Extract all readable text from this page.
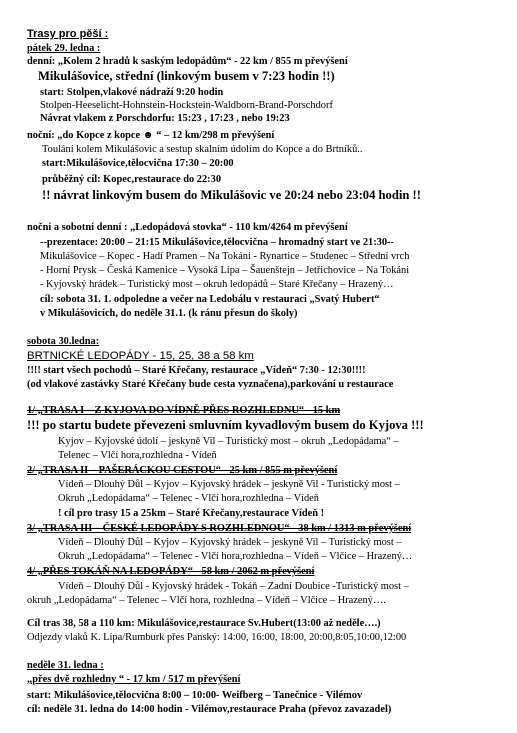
Trasy pro pěší :
pátek 29. ledna :
denní: „Kolem 2 hradů k saským ledopádům“ - 22 km / 855 m převýšení
Mikulášovice, střední (linkovým busem v 7:23 hodin !!)
start: Stolpen,vlakové nádraží 9:20 hodin
Stolpen-Heeselicht-Hohnstein-Hockstein-Waldborn-Brand-Porschdorf
Návrat vlakem z Porschdorfu: 15:23 , 17:23 , nebo 19:23
noční: „do Kopce z kopce ☻ “ – 12 km/298 m převýšení
Toulání kolem Mikulášovic a sestup skalním údolím do Kopce a do Brtníků..
start:Mikulášovice,tělocvična 17:30 – 20:00
průběžný cíl: Kopec,restaurace do 22:30
!! návrat linkovým busem do Mikulášovic ve 20:24 nebo 23:04 hodin !!
noční a sobotní denní : „Ledopádová stovka“ - 110 km/4264 m převýšení
--prezentace: 20:00 – 21:15 Mikulášovice,tělocvična – hromadný start ve 21:30--
Mikulášovice – Kopec - Hadí Pramen – Na Tokáni - Rynartice – Studenec – Střední vrch
- Horní Prysk – Česká Kamenice – Vysoká Lípa – Šauenštejn – Jetřichovice – Na Tokáni
- Kyjovský hrádek – Turistický most – okruh ledopádů – Staré Křečany – Hrazený…
cíl: sobota 31. 1. odpoledne a večer na Ledobálu v restauraci „Svatý Hubert“
v Mikulášovicích, do neděle 31.1. (k ránu přesun do školy)
sobota 30.ledna:
BRTNICKÉ LEDOPÁDY - 15, 25, 38 a 58 km
!!!! start všech pochodů – Staré Křečany, restaurace „Vídeň“ 7:30 - 12:30!!!!
(od vlakové zastávky Staré Křečany bude cesta vyznačena),parkování u restaurace
1/ „TRASA I – Z KYJOVA DO VÍDNĚ PŘES ROZHLEDNU“ - 15 km
!!! po startu budete převezeni smluvním kyvadlovým busem do Kyjova !!!
Kyjov – Kyjovské údolí – jeskyně Vil – Turistický most – okruh „Ledopádama“ –
Telenec – Vlčí hora,rozhledna - Vídeň
2/ „TRASA II – PAŠERÁCKOU CESTOU“ - 25 km / 855 m převýšení
Vídeň – Dlouhý Důl – Kyjov – Kyjovský hrádek – jeskyně Vil - Turistický most –
Okruh „Ledopádama“ – Telenec - Vlčí hora,rozhledna – Vídeň
! cíl pro trasy 15 a 25km – Staré Křečany,restaurace Vídeň !
3/ „TRASA III – ČESKÉ LEDOPÁDY S ROZHLEDNOU“ - 38 km / 1313 m převýšení
Vídeň – Dlouhý Důl – Kyjov – Kyjovský hrádek – jeskyně Vil – Turistický most –
Okruh „Ledopádama“ – Telenec - Vlčí hora,rozhledna – Vídeň – Vlčice – Hrazený…
4/ „PŘES TOKÁŇ NA LEDOPÁDY“ - 58 km / 2062 m převýšení
Vídeň – Dlouhý Důl - Kyjovský hrádek - Tokáň – Zadní Doubice -Turistický most –
okruh „Ledopádama“ – Telenec – Vlčí hora, rozhledna – Vídeň – Vlčice – Hrazený….
Cíl tras 38, 58 a 110 km: Mikulášovice,restaurace Sv.Hubert(13:00 až neděle….)
Odjezdy vlaků K. Lípa/Rumburk přes Panský: 14:00, 16:00, 18:00, 20:00,8:05,10:00,12:00
neděle 31. ledna :
„přes dvě rozhledny “ - 17 km / 517 m převýšení
start: Mikulášovice,tělocvična 8:00 – 10:00- Weifberg – Tanečnice - Vilémov
cíl: neděle 31. ledna do 14:00 hodin - Vilémov,restaurace Praha (převoz zavazadel)
